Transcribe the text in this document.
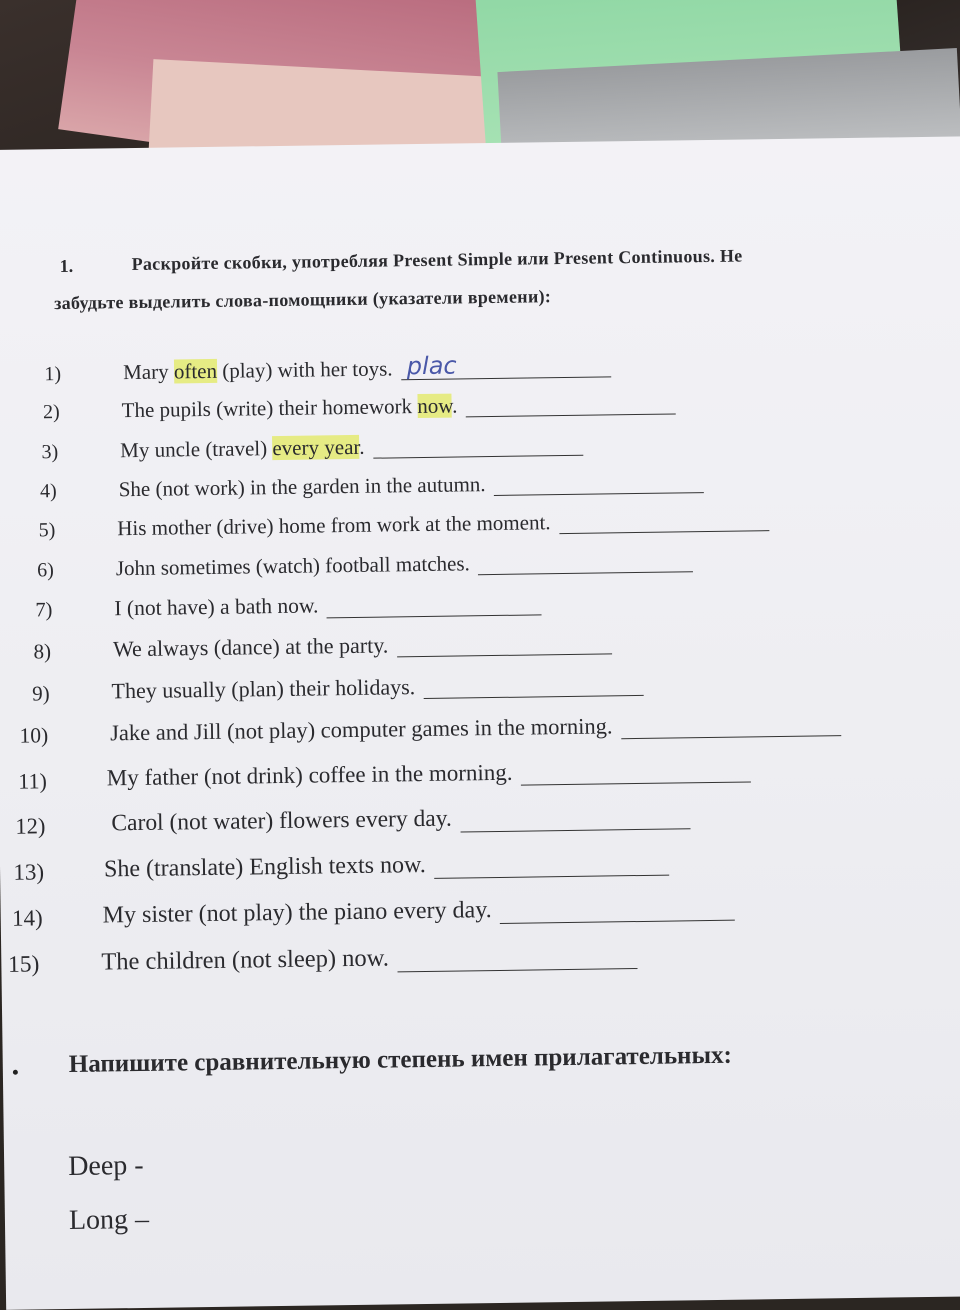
1.	Раскройте скобки, употребляя Present Simple или Present Continuous. Не
забудьте выделить слова-помощники (указатели времени):
1)	Mary often (play) with her toys. plac
2)	The pupils (write) their homework now.
3)	My uncle (travel) every year.
4)	She (not work) in the garden in the autumn.
5)	His mother (drive) home from work at the moment.
6)	John sometimes (watch) football matches.
7)	I (not have) a bath now.
8)	We always (dance) at the party.
9)	They usually (plan) their holidays.
10)	Jake and Jill (not play) computer games in the morning.
11)	My father (not drink) coffee in the morning.
12)	Carol (not water) flowers every day.
13) She (translate) English texts now.
14) My sister (not play) the piano every day.
15)	The children (not sleep) now.
Напишите сравнительную степень имен прилагательных:
Deep -
Long –
